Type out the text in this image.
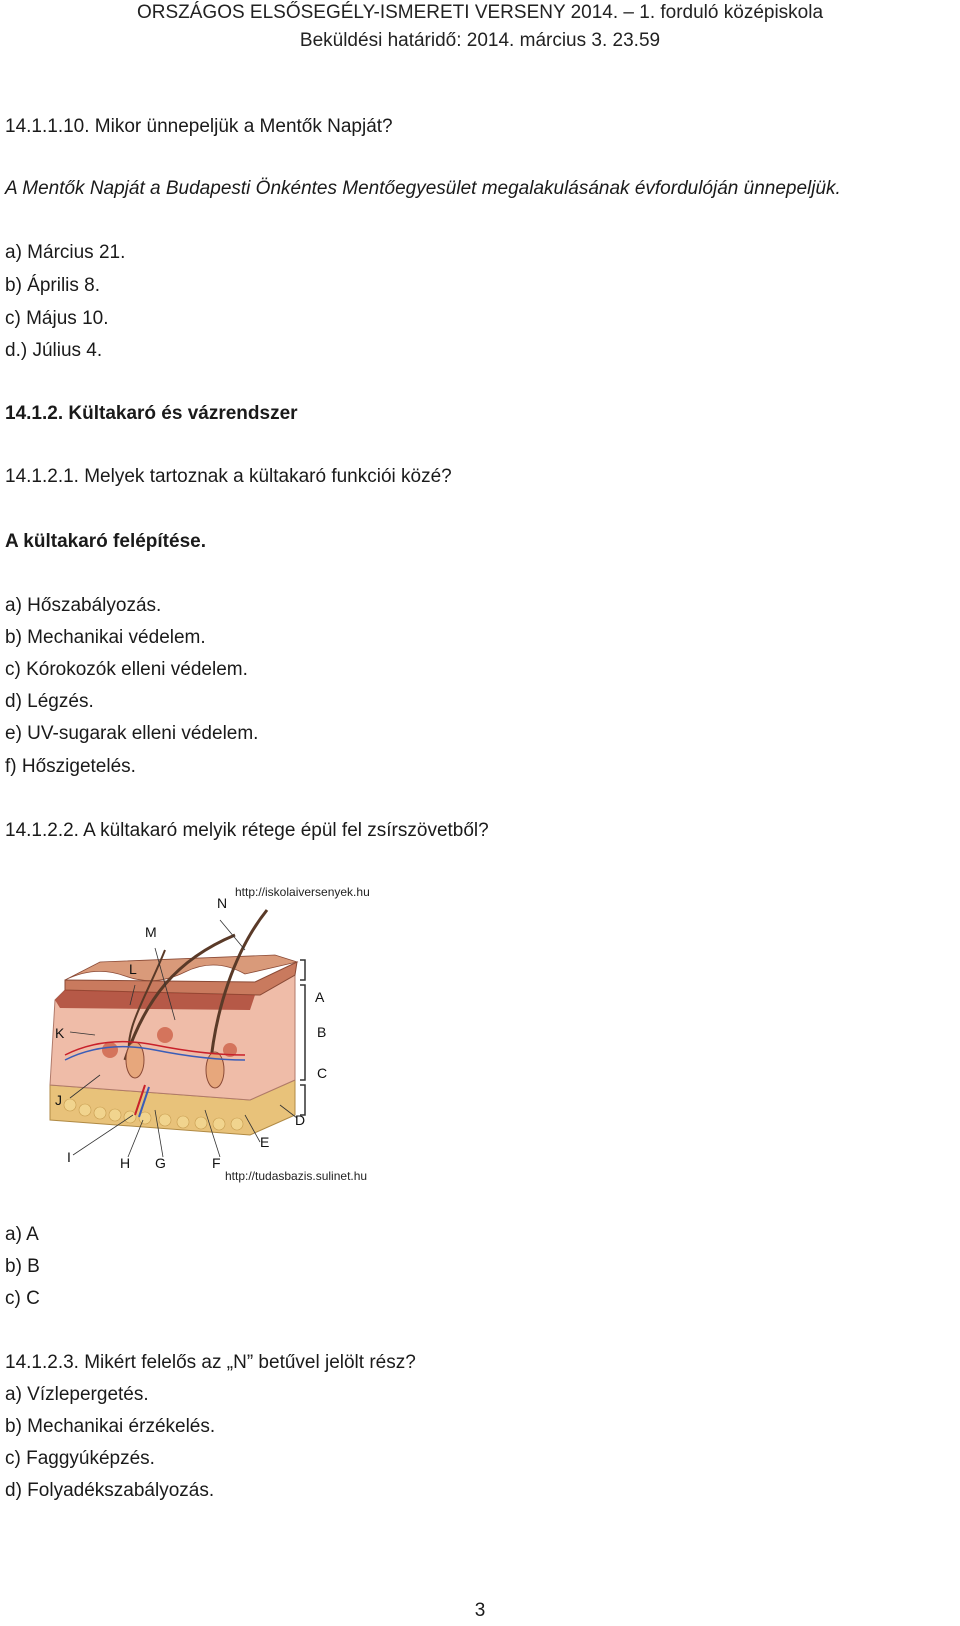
ORSZÁGOS ELSŐSEGÉLY-ISMERETI VERSENY 2014. – 1. forduló középiskola
Beküldési határidő: 2014. március 3. 23.59
14.1.1.10. Mikor ünnepeljük a Mentők Napját?
A Mentők Napját a Budapesti Önkéntes Mentőegyesület megalakulásának évfordulóján ünnepeljük.
a) Március 21.
b) Április 8.
c) Május 10.
d.) Július 4.
14.1.2. Kültakaró és vázrendszer
14.1.2.1. Melyek tartoznak a kültakaró funkciói közé?
A kültakaró felépítése.
a) Hőszabályozás.
b) Mechanikai védelem.
c) Kórokozók elleni védelem.
d) Légzés.
e) UV-sugarak elleni védelem.
f) Hőszigetelés.
14.1.2.2. A kültakaró melyik rétege épül fel zsírszövetből?
http://iskolaiversenyek.hu
http://tudasbazis.sulinet.hu
N
M
L
K
J
I	H G	F
E
D
C
B
A
a) A
b) B
c) C
14.1.2.3. Mikért felelős az „N” betűvel jelölt rész?
a) Vízlepergetés.
b) Mechanikai érzékelés.
c) Faggyúképzés.
d) Folyadékszabályozás.
3
